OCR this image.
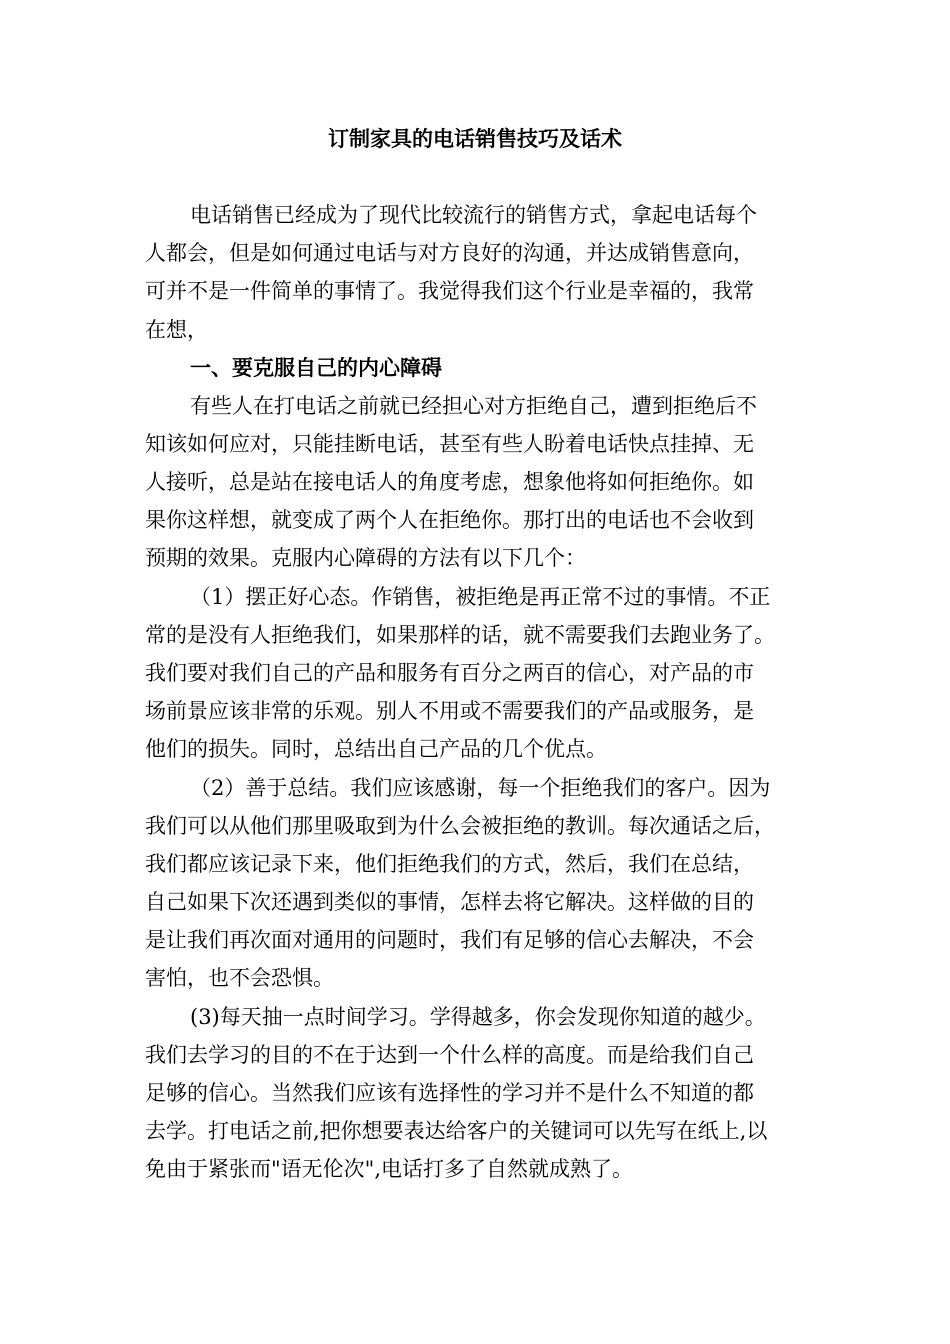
订制家具的电话销售技巧及话术

电话销售已经成为了现代比较流行的销售方式，拿起电话每个

人都会，但是如何通过电话与对方良好的沟通，并达成销售意向，

可并不是一件简单的事情了。我觉得我们这个行业是幸福的，我常

在想，

一、要克服自己的内心障碍

有些人在打电话之前就已经担心对方拒绝自己，遭到拒绝后不

知该如何应对，只能挂断电话，甚至有些人盼着电话快点挂掉、无

人接听，总是站在接电话人的角度考虑，想象他将如何拒绝你。如

果你这样想，就变成了两个人在拒绝你。那打出的电话也不会收到

预期的效果。克服内心障碍的方法有以下几个：

（1）摆正好心态。作销售，被拒绝是再正常不过的事情。不正

常的是没有人拒绝我们，如果那样的话，就不需要我们去跑业务了。

我们要对我们自己的产品和服务有百分之两百的信心，对产品的市

场前景应该非常的乐观。别人不用或不需要我们的产品或服务，是

他们的损失。同时，总结出自己产品的几个优点。

（2）善于总结。我们应该感谢，每一个拒绝我们的客户。因为

我们可以从他们那里吸取到为什么会被拒绝的教训。每次通话之后，

我们都应该记录下来，他们拒绝我们的方式，然后，我们在总结，

自己如果下次还遇到类似的事情，怎样去将它解决。这样做的目的

是让我们再次面对通用的问题时，我们有足够的信心去解决，不会

害怕，也不会恐惧。

(3)每天抽一点时间学习。学得越多，你会发现你知道的越少。

我们去学习的目的不在于达到一个什么样的高度。而是给我们自己

足够的信心。当然我们应该有选择性的学习并不是什么不知道的都

去学。打电话之前,把你想要表达给客户的关键词可以先写在纸上,以

免由于紧张而"语无伦次",电话打多了自然就成熟了。
